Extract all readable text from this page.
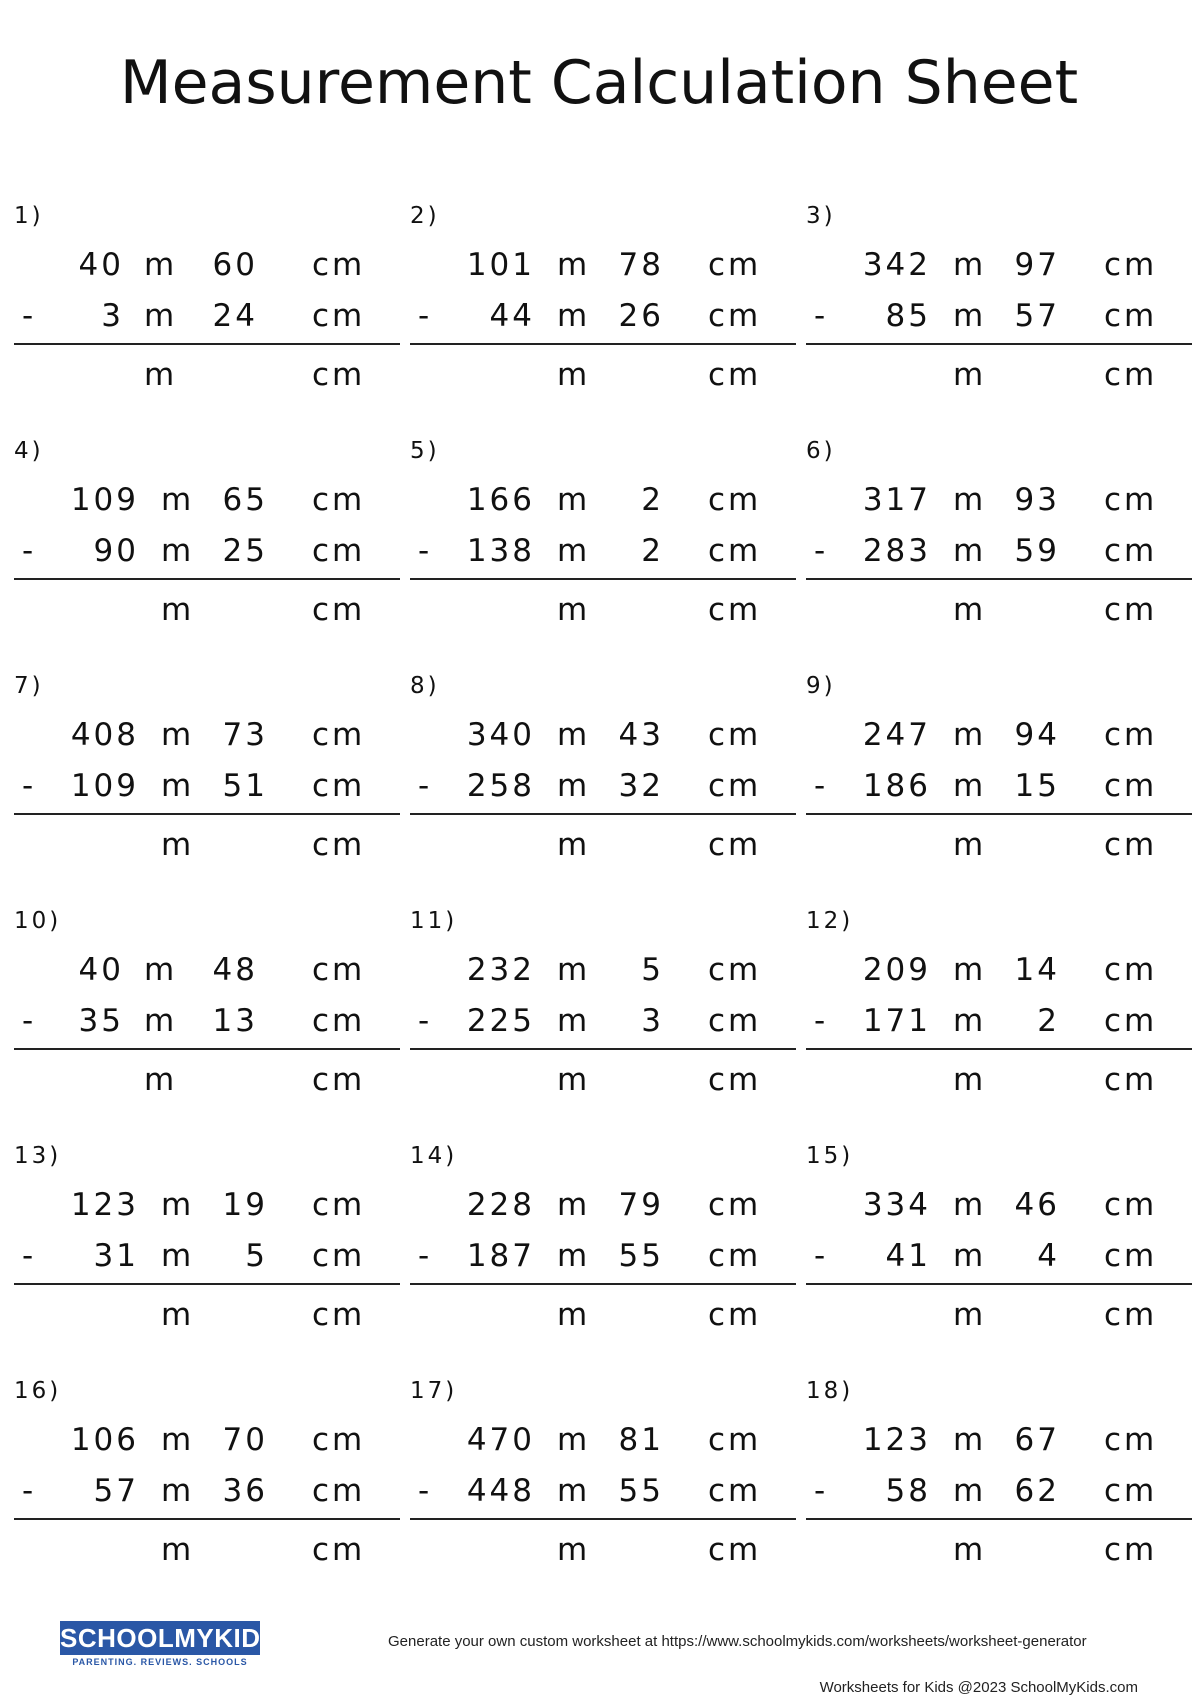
Measurement Calculation Sheet
1)
40 m	60 cm
-	3 m	24 cm
m	cm
2)
101 m 78 cm
-	44 m 26 cm
m	cm
3)
342 m 97 cm
-	85 m 57 cm
m	cm
4)
109 m 65 cm
-	90 m 25 cm
m	cm
5)
166 m	2 cm
-	138 m	2 cm
m	cm
6)
317 m 93 cm
-	283 m 59 cm
m	cm
7)
408 m 73 cm
-	109 m 51 cm
m	cm
8)
340 m 43 cm
-	258 m 32 cm
m	cm
9)
247 m 94 cm
-	186 m 15 cm
m	cm
10)
40 m	48 cm
-	35 m	13 cm
m	cm
11)
232 m	5 cm
-	225 m	3 cm
m	cm
12)
209 m 14 cm
-	171 m	2 cm
m	cm
13)
123 m 19 cm
-	31 m	5 cm
m	cm
14)
228 m 79 cm
-	187 m 55 cm
m	cm
15)
334 m 46 cm
-	41 m	4 cm
m	cm
16)
106 m 70 cm
-	57 m 36 cm
m	cm
17)
470 m 81 cm
-	448 m 55 cm
m	cm
18)
123 m 67 cm
-	58 m 62 cm
m	cm
SCHOOLMYKIDS
PARENTING. REVIEWS. SCHOOLS
Generate your own custom worksheet at https://www.schoolmykids.com/worksheets/worksheet-generator
Worksheets for Kids @2023 SchoolMyKids.com
